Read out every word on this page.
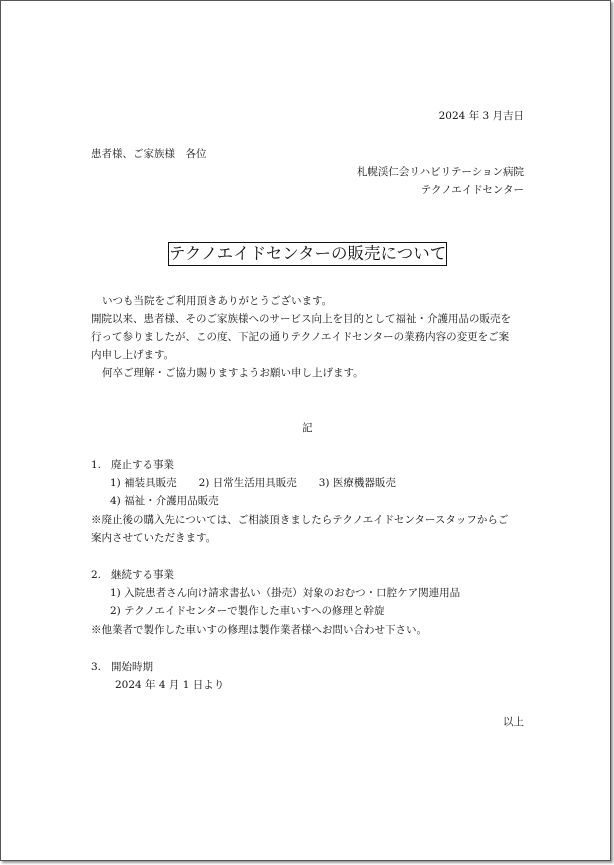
2024 年 3 月吉日
患者様、ご家族様　各位
札幌渓仁会リハビリテーション病院
テクノエイドセンター
テクノエイドセンターの販売について
いつも当院をご利用頂きありがとうございます。
開院以来、患者様、そのご家族様へのサービス向上を目的として福祉・介護用品の販売を
行って参りましたが、この度、下記の通りテクノエイドセンターの業務内容の変更をご案
内申し上げます。
何卒ご理解・ご協力賜りますようお願い申し上げます。
記
1. 廃止する事業
1) 補装具販売 2) 日常生活用具販売 3) 医療機器販売
4) 福祉・介護用品販売
※廃止後の購入先については、ご相談頂きましたらテクノエイドセンタースタッフからご
案内させていただきます。
2. 継続する事業
1) 入院患者さん向け請求書払い（掛売）対象のおむつ・口腔ケア関連用品
2) テクノエイドセンターで製作した車いすへの修理と幹旋
※他業者で製作した車いすの修理は製作業者様へお問い合わせ下さい。
3. 開始時期
2024 年 4 月 1 日より
以上
